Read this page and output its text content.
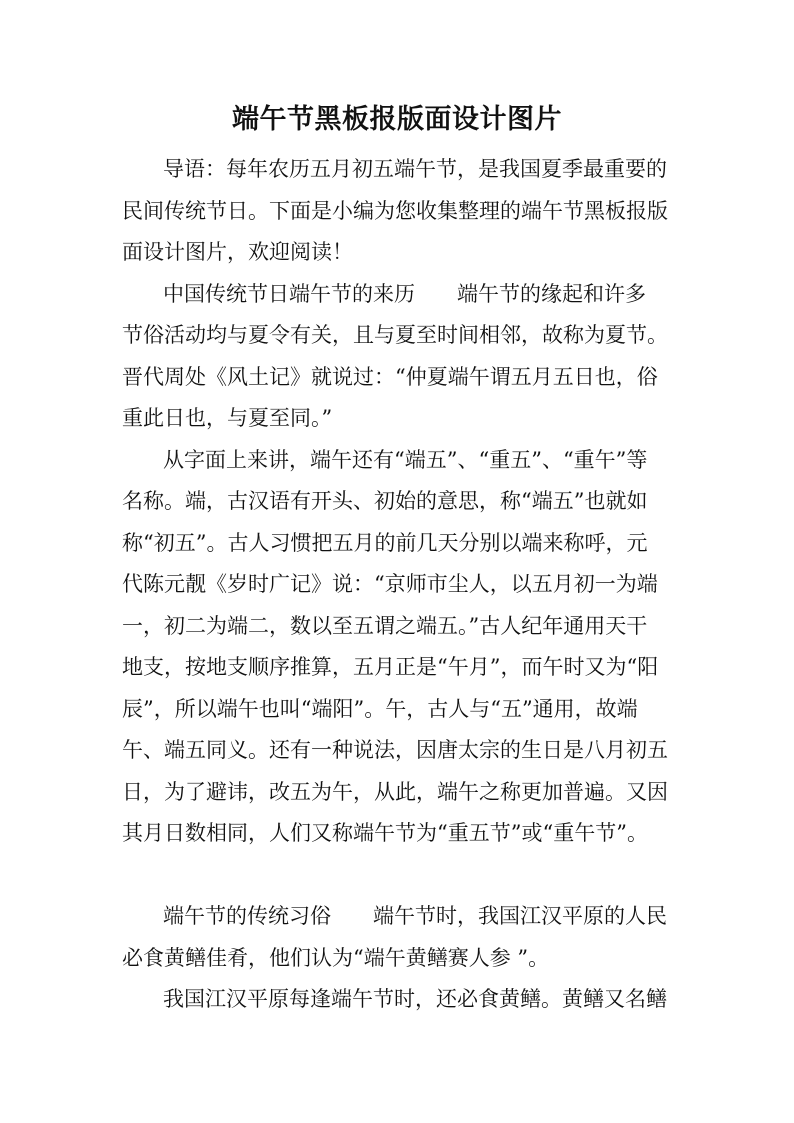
端午节黑板报版面设计图片
导语：每年农历五月初五端午节，是我国夏季最重要的
民间传统节日。下面是小编为您收集整理的端午节黑板报版
面设计图片，欢迎阅读！
中国传统节日端午节的来历　　端午节的缘起和许多
节俗活动均与夏令有关，且与夏至时间相邻，故称为夏节。
晋代周处《风土记》就说过：“仲夏端午谓五月五日也，俗
重此日也，与夏至同。”
从字面上来讲，端午还有“端五”、“重五”、“重午”等
名称。端，古汉语有开头、初始的意思，称“端五”也就如
称“初五”。古人习惯把五月的前几天分别以端来称呼，元
代陈元靓《岁时广记》说：“京师市尘人，以五月初一为端
一，初二为端二，数以至五谓之端五。”古人纪年通用天干
地支，按地支顺序推算，五月正是“午月”，而午时又为“阳
辰”，所以端午也叫“端阳”。午，古人与“五”通用，故端
午、端五同义。还有一种说法，因唐太宗的生日是八月初五
日，为了避讳，改五为午，从此，端午之称更加普遍。又因
其月日数相同，人们又称端午节为“重五节”或“重午节”。
端午节的传统习俗　　端午节时，我国江汉平原的人民
必食黄鳝佳肴，他们认为“端午黄鳝赛人参 ”。
我国江汉平原每逢端午节时，还必食黄鳝。黄鳝又名鳝
